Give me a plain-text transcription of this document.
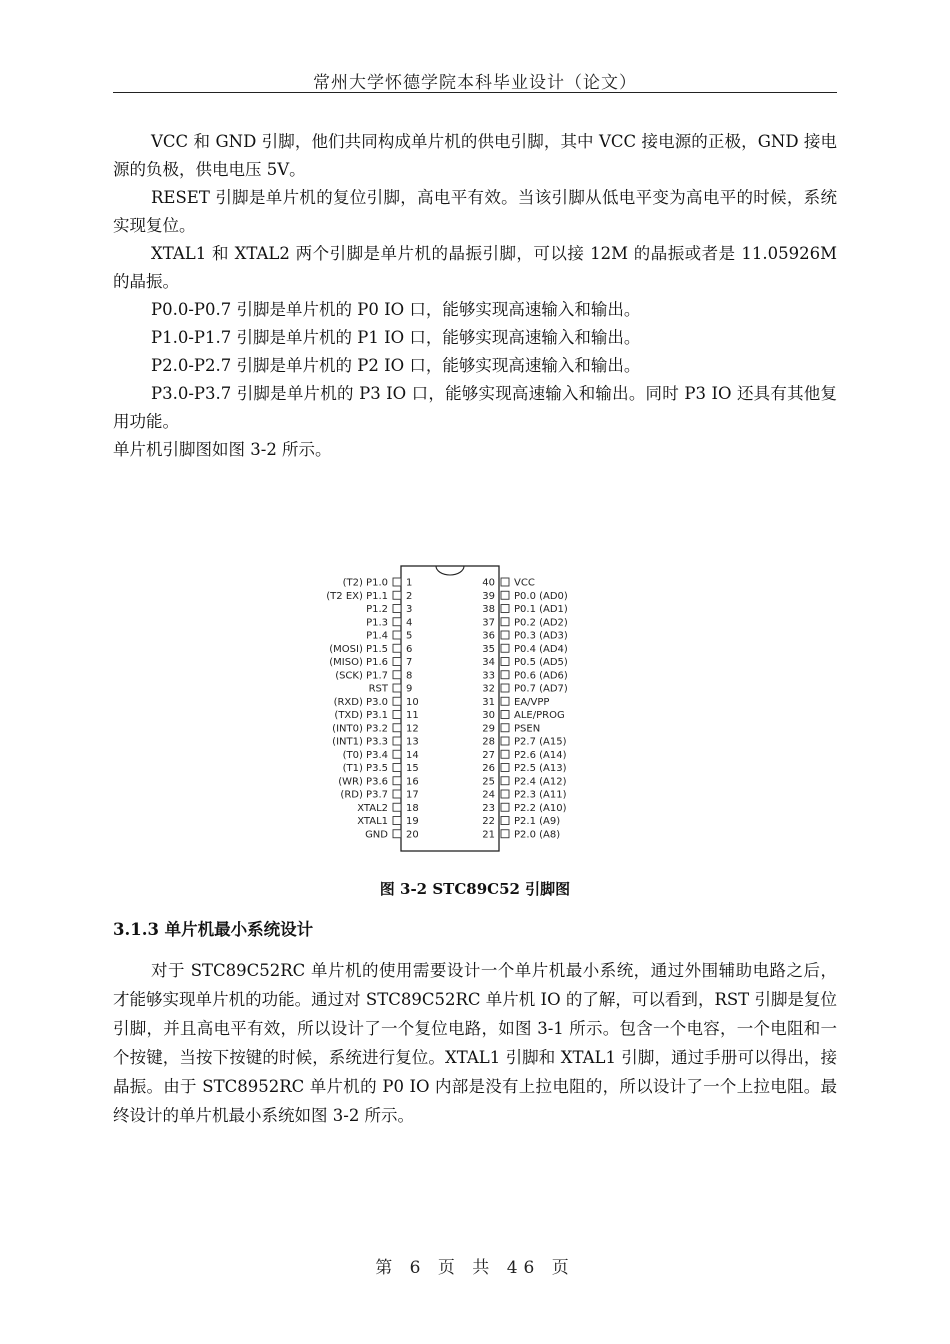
常州大学怀德学院本科毕业设计（论文）

VCC 和 GND 引脚，他们共同构成单片机的供电引脚，其中 VCC 接电源的正极，GND 接电源的负极，供电电压 5V。

RESET 引脚是单片机的复位引脚，高电平有效。当该引脚从低电平变为高电平的时候，系统实现复位。

XTAL1 和 XTAL2 两个引脚是单片机的晶振引脚，可以接 12M 的晶振或者是 11.05926M 的晶振。

P0.0-P0.7 引脚是单片机的 P0 IO 口，能够实现高速输入和输出。

P1.0-P1.7 引脚是单片机的 P1 IO 口，能够实现高速输入和输出。

P2.0-P2.7 引脚是单片机的 P2 IO 口，能够实现高速输入和输出。

P3.0-P3.7 引脚是单片机的 P3 IO 口，能够实现高速输入和输出。同时 P3 IO 还具有其他复用功能。

单片机引脚图如图 3-2 所示。

1
(T2) P1.0
2
(T2 EX) P1.1
3
P1.2
4
P1.3
5
P1.4
6
(MOSI) P1.5
7
(MISO) P1.6
8
(SCK) P1.7
9
RST
10
(RXD) P3.0
11
(TXD) P3.1
12
(INT0) P3.2
13
(INT1) P3.3
14
(T0) P3.4
15
(T1) P3.5
16
(WR) P3.6
17
(RD) P3.7
18
XTAL2
19
XTAL1
20
GND
40 VCC
39 P0.0 (AD0)
38 P0.1 (AD1)
37 P0.2 (AD2)
36 P0.3 (AD3)
35 P0.4 (AD4)
34 P0.5 (AD5)
33 P0.6 (AD6)
32 P0.7 (AD7)
31 EA/VPP
30 ALE/PROG
29 PSEN
28 P2.7 (A15)
27 P2.6 (A14)
26 P2.5 (A13)
25 P2.4 (A12)
24 P2.3 (A11)
23 P2.2 (A10)
22 P2.1 (A9)
21 P2.0 (A8)
图 3-2 STC89C52 引脚图
3.1.3 单片机最小系统设计

对于 STC89C52RC 单片机的使用需要设计一个单片机最小系统，通过外围辅助电路之后，才能够实现单片机的功能。通过对 STC89C52RC 单片机 IO 的了解，可以看到，RST 引脚是复位引脚，并且高电平有效，所以设计了一个复位电路，如图 3-1 所示。包含一个电容，一个电阻和一个按键，当按下按键的时候，系统进行复位。XTAL1 引脚和 XTAL1 引脚，通过手册可以得出，接晶振。由于 STC8952RC 单片机的 P0 IO 内部是没有上拉电阻的，所以设计了一个上拉电阻。最终设计的单片机最小系统如图 3-2 所示。

第 6 页 共 46 页
